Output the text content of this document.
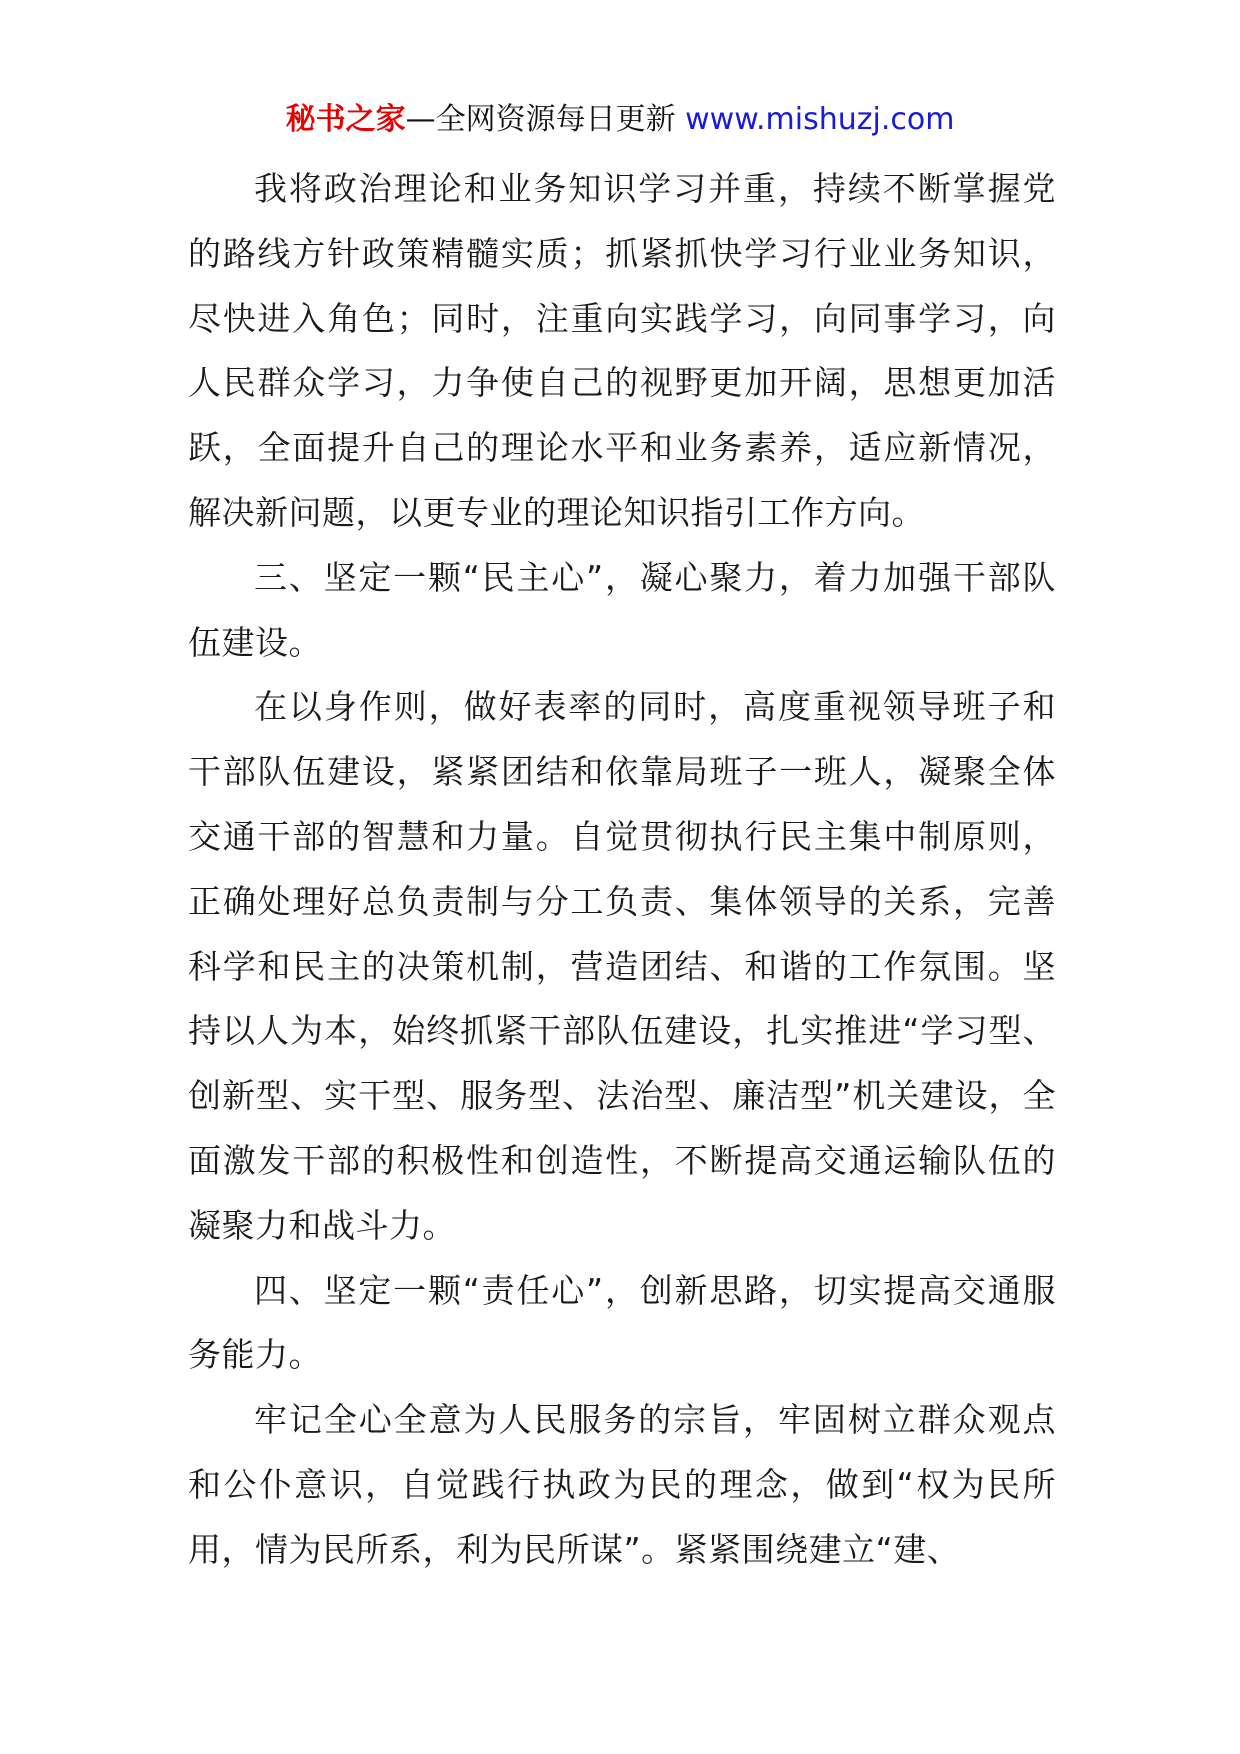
秘书之家—全网资源每日更新 www.mishuzj.com

我将政治理论和业务知识学习并重，持续不断掌握党的路线方针政策精髓实质；抓紧抓快学习行业业务知识，尽快进入角色；同时，注重向实践学习，向同事学习，向人民群众学习，力争使自己的视野更加开阔，思想更加活跃，全面提升自己的理论水平和业务素养，适应新情况，解决新问题，以更专业的理论知识指引工作方向。

三、坚定一颗“民主心”，凝心聚力，着力加强干部队伍建设。

在以身作则，做好表率的同时，高度重视领导班子和干部队伍建设，紧紧团结和依靠局班子一班人，凝聚全体交通干部的智慧和力量。自觉贯彻执行民主集中制原则，正确处理好总负责制与分工负责、集体领导的关系，完善科学和民主的决策机制，营造团结、和谐的工作氛围。坚持以人为本，始终抓紧干部队伍建设，扎实推进“学习型、创新型、实干型、服务型、法治型、廉洁型”机关建设，全面激发干部的积极性和创造性，不断提高交通运输队伍的凝聚力和战斗力。

四、坚定一颗“责任心”，创新思路，切实提高交通服务能力。

牢记全心全意为人民服务的宗旨，牢固树立群众观点和公仆意识，自觉践行执政为民的理念，做到“权为民所用，情为民所系，利为民所谋”。紧紧围绕建立“建、
